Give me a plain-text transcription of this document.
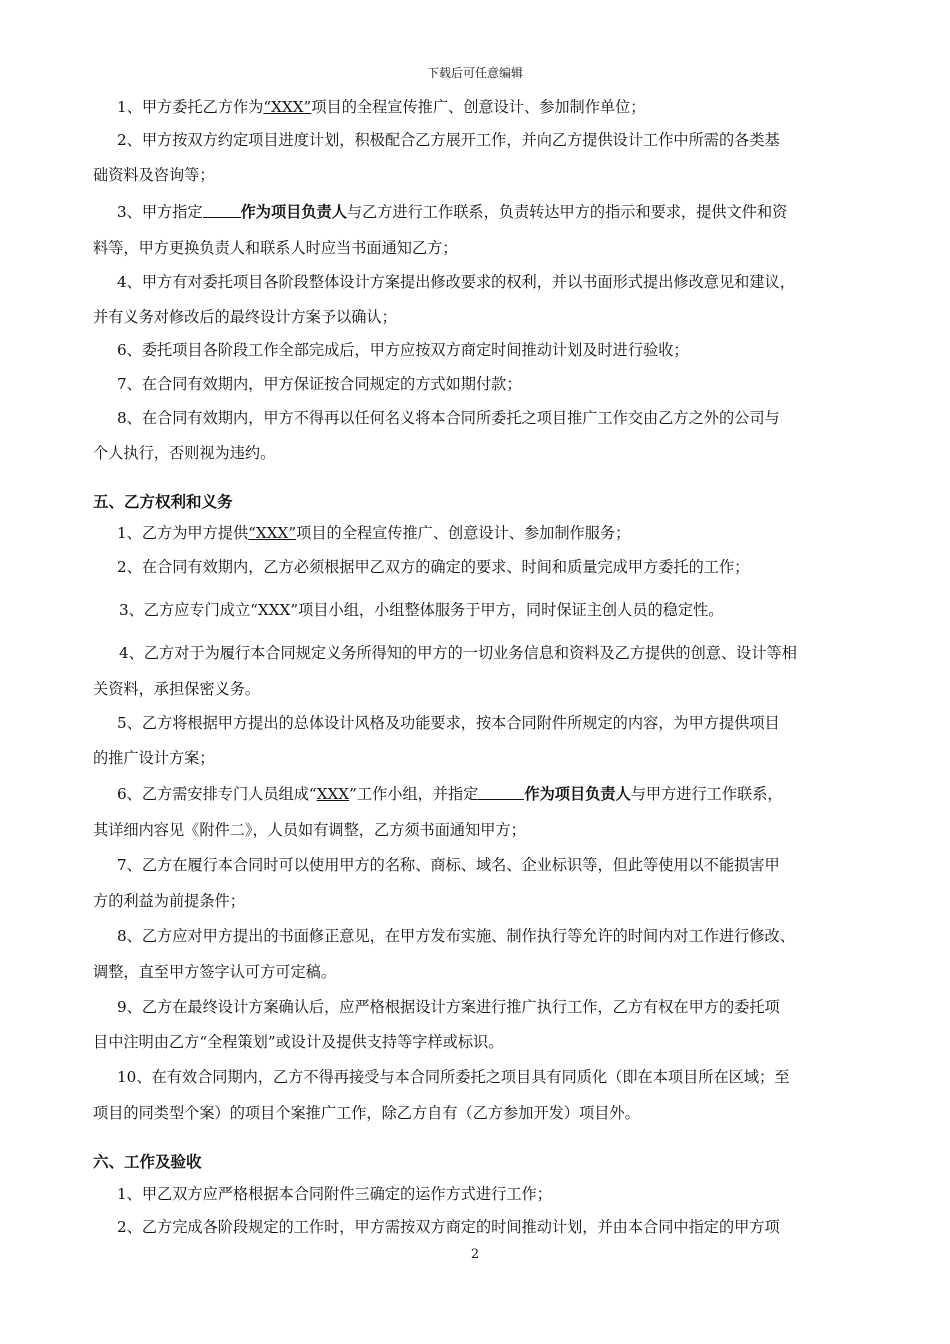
下载后可任意编辑
1、甲方委托乙方作为“XXX”项目的全程宣传推广、创意设计、参加制作单位；
2、甲方按双方约定项目进度计划，积极配合乙方展开工作，并向乙方提供设计工作中所需的各类基
础资料及咨询等；
3、甲方指定	作为项目负责人与乙方进行工作联系，负责转达甲方的指示和要求，提供文件和资
料等，甲方更换负责人和联系人时应当书面通知乙方；
4、甲方有对委托项目各阶段整体设计方案提出修改要求的权利，并以书面形式提出修改意见和建议，
并有义务对修改后的最终设计方案予以确认；
6、委托项目各阶段工作全部完成后，甲方应按双方商定时间推动计划及时进行验收；
7、在合同有效期内，甲方保证按合同规定的方式如期付款；
8、在合同有效期内，甲方不得再以任何名义将本合同所委托之项目推广工作交由乙方之外的公司与
个人执行，否则视为违约。
五、乙方权利和义务
1、乙方为甲方提供“XXX”项目的全程宣传推广、创意设计、参加制作服务；
2、在合同有效期内，乙方必须根据甲乙双方的确定的要求、时间和质量完成甲方委托的工作；
3、乙方应专门成立“XXX”项目小组，小组整体服务于甲方，同时保证主创人员的稳定性。
4、乙方对于为履行本合同规定义务所得知的甲方的一切业务信息和资料及乙方提供的创意、设计等相
关资料，承担保密义务。
5、乙方将根据甲方提出的总体设计风格及功能要求，按本合同附件所规定的内容，为甲方提供项目
的推广设计方案；
6、乙方需安排专门人员组成“XXX”工作小组，并指定	作为项目负责人与甲方进行工作联系，
其详细内容见《附件二》，人员如有调整，乙方须书面通知甲方；
7、乙方在履行本合同时可以使用甲方的名称、商标、域名、企业标识等，但此等使用以不能损害甲
方的利益为前提条件；
8、乙方应对甲方提出的书面修正意见，在甲方发布实施、制作执行等允许的时间内对工作进行修改、
调整，直至甲方签字认可方可定稿。
9、乙方在最终设计方案确认后，应严格根据设计方案进行推广执行工作，乙方有权在甲方的委托项
目中注明由乙方“全程策划”或设计及提供支持等字样或标识。
10、在有效合同期内，乙方不得再接受与本合同所委托之项目具有同质化（即在本项目所在区域；至
项目的同类型个案）的项目个案推广工作，除乙方自有（乙方参加开发）项目外。
六、工作及验收
1、甲乙双方应严格根据本合同附件三确定的运作方式进行工作；
2、乙方完成各阶段规定的工作时，甲方需按双方商定的时间推动计划，并由本合同中指定的甲方项
2
